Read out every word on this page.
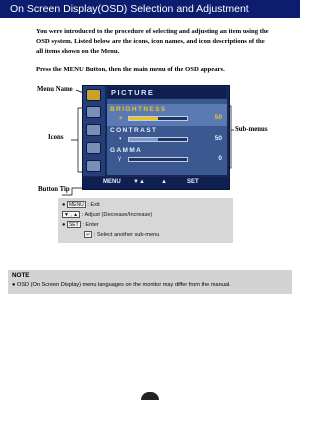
On Screen Display(OSD) Selection and Adjustment
You were introduced to the procedure of selecting and adjusting an item using the OSD system. Listed below are the icons, icon names, and icon descriptions of the all items shown on the Menu.
Press the MENU Button, then the main menu of the OSD appears.
Menu Name
Icons
Sub-menus
Button Tip
PICTURE
BRIGHTNESS
☀	50
CONTRAST
◑	50
GAMMA
γ	0
MENU ▼▲	▲	SET
● MENU : Exit
▼ , ▲ : Adjust (Decrease/Increase)
● SET : Enter
↵ : Select another sub-menu
NOTE
● OSD (On Screen Display) menu languages on the monitor may differ from the manual.
